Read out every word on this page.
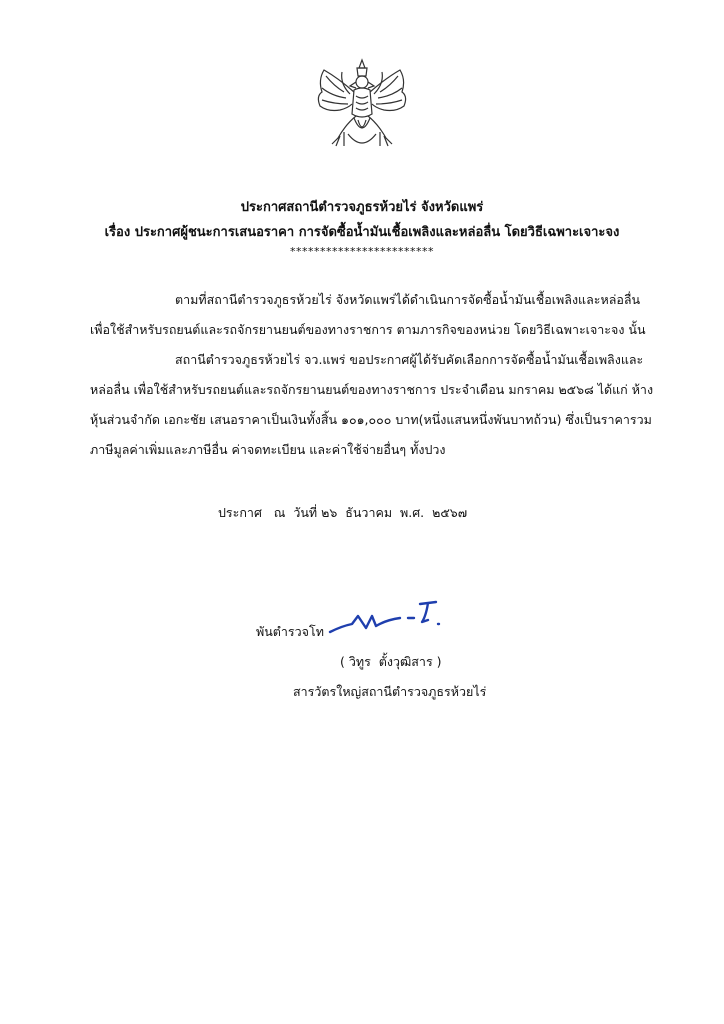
ประกาศสถานีตำรวจภูธรห้วยไร่ จังหวัดแพร่
เรื่อง ประกาศผู้ชนะการเสนอราคา การจัดซื้อน้ำมันเชื้อเพลิงและหล่อลื่น โดยวิธีเฉพาะเจาะจง
************************
ตามที่สถานีตำรวจภูธรห้วยไร่ จังหวัดแพร่ได้ดำเนินการจัดซื้อน้ำมันเชื้อเพลิงและหล่อลื่น
เพื่อใช้สำหรับรถยนต์และรถจักรยานยนต์ของทางราชการ ตามภารกิจของหน่วย โดยวิธีเฉพาะเจาะจง นั้น
สถานีตำรวจภูธรห้วยไร่ จว.แพร่ ขอประกาศผู้ได้รับคัดเลือกการจัดซื้อน้ำมันเชื้อเพลิงและ
หล่อลื่น เพื่อใช้สำหรับรถยนต์และรถจักรยานยนต์ของทางราชการ ประจำเดือน มกราคม ๒๕๖๘ ได้แก่ ห้าง
หุ้นส่วนจำกัด เอกะชัย เสนอราคาเป็นเงินทั้งสิ้น ๑๐๑,๐๐๐ บาท(หนึ่งแสนหนึ่งพันบาทถ้วน) ซึ่งเป็นราคารวม
ภาษีมูลค่าเพิ่มและภาษีอื่น ค่าจดทะเบียน และค่าใช้จ่ายอื่นๆ ทั้งปวง
ประกาศ   ณ  วันที่ ๒๖  ธันวาคม  พ.ศ.  ๒๕๖๗
พันตำรวจโท
( วิทูร  ตั้งวุฒิสาร )
สารวัตรใหญ่สถานีตำรวจภูธรห้วยไร่
